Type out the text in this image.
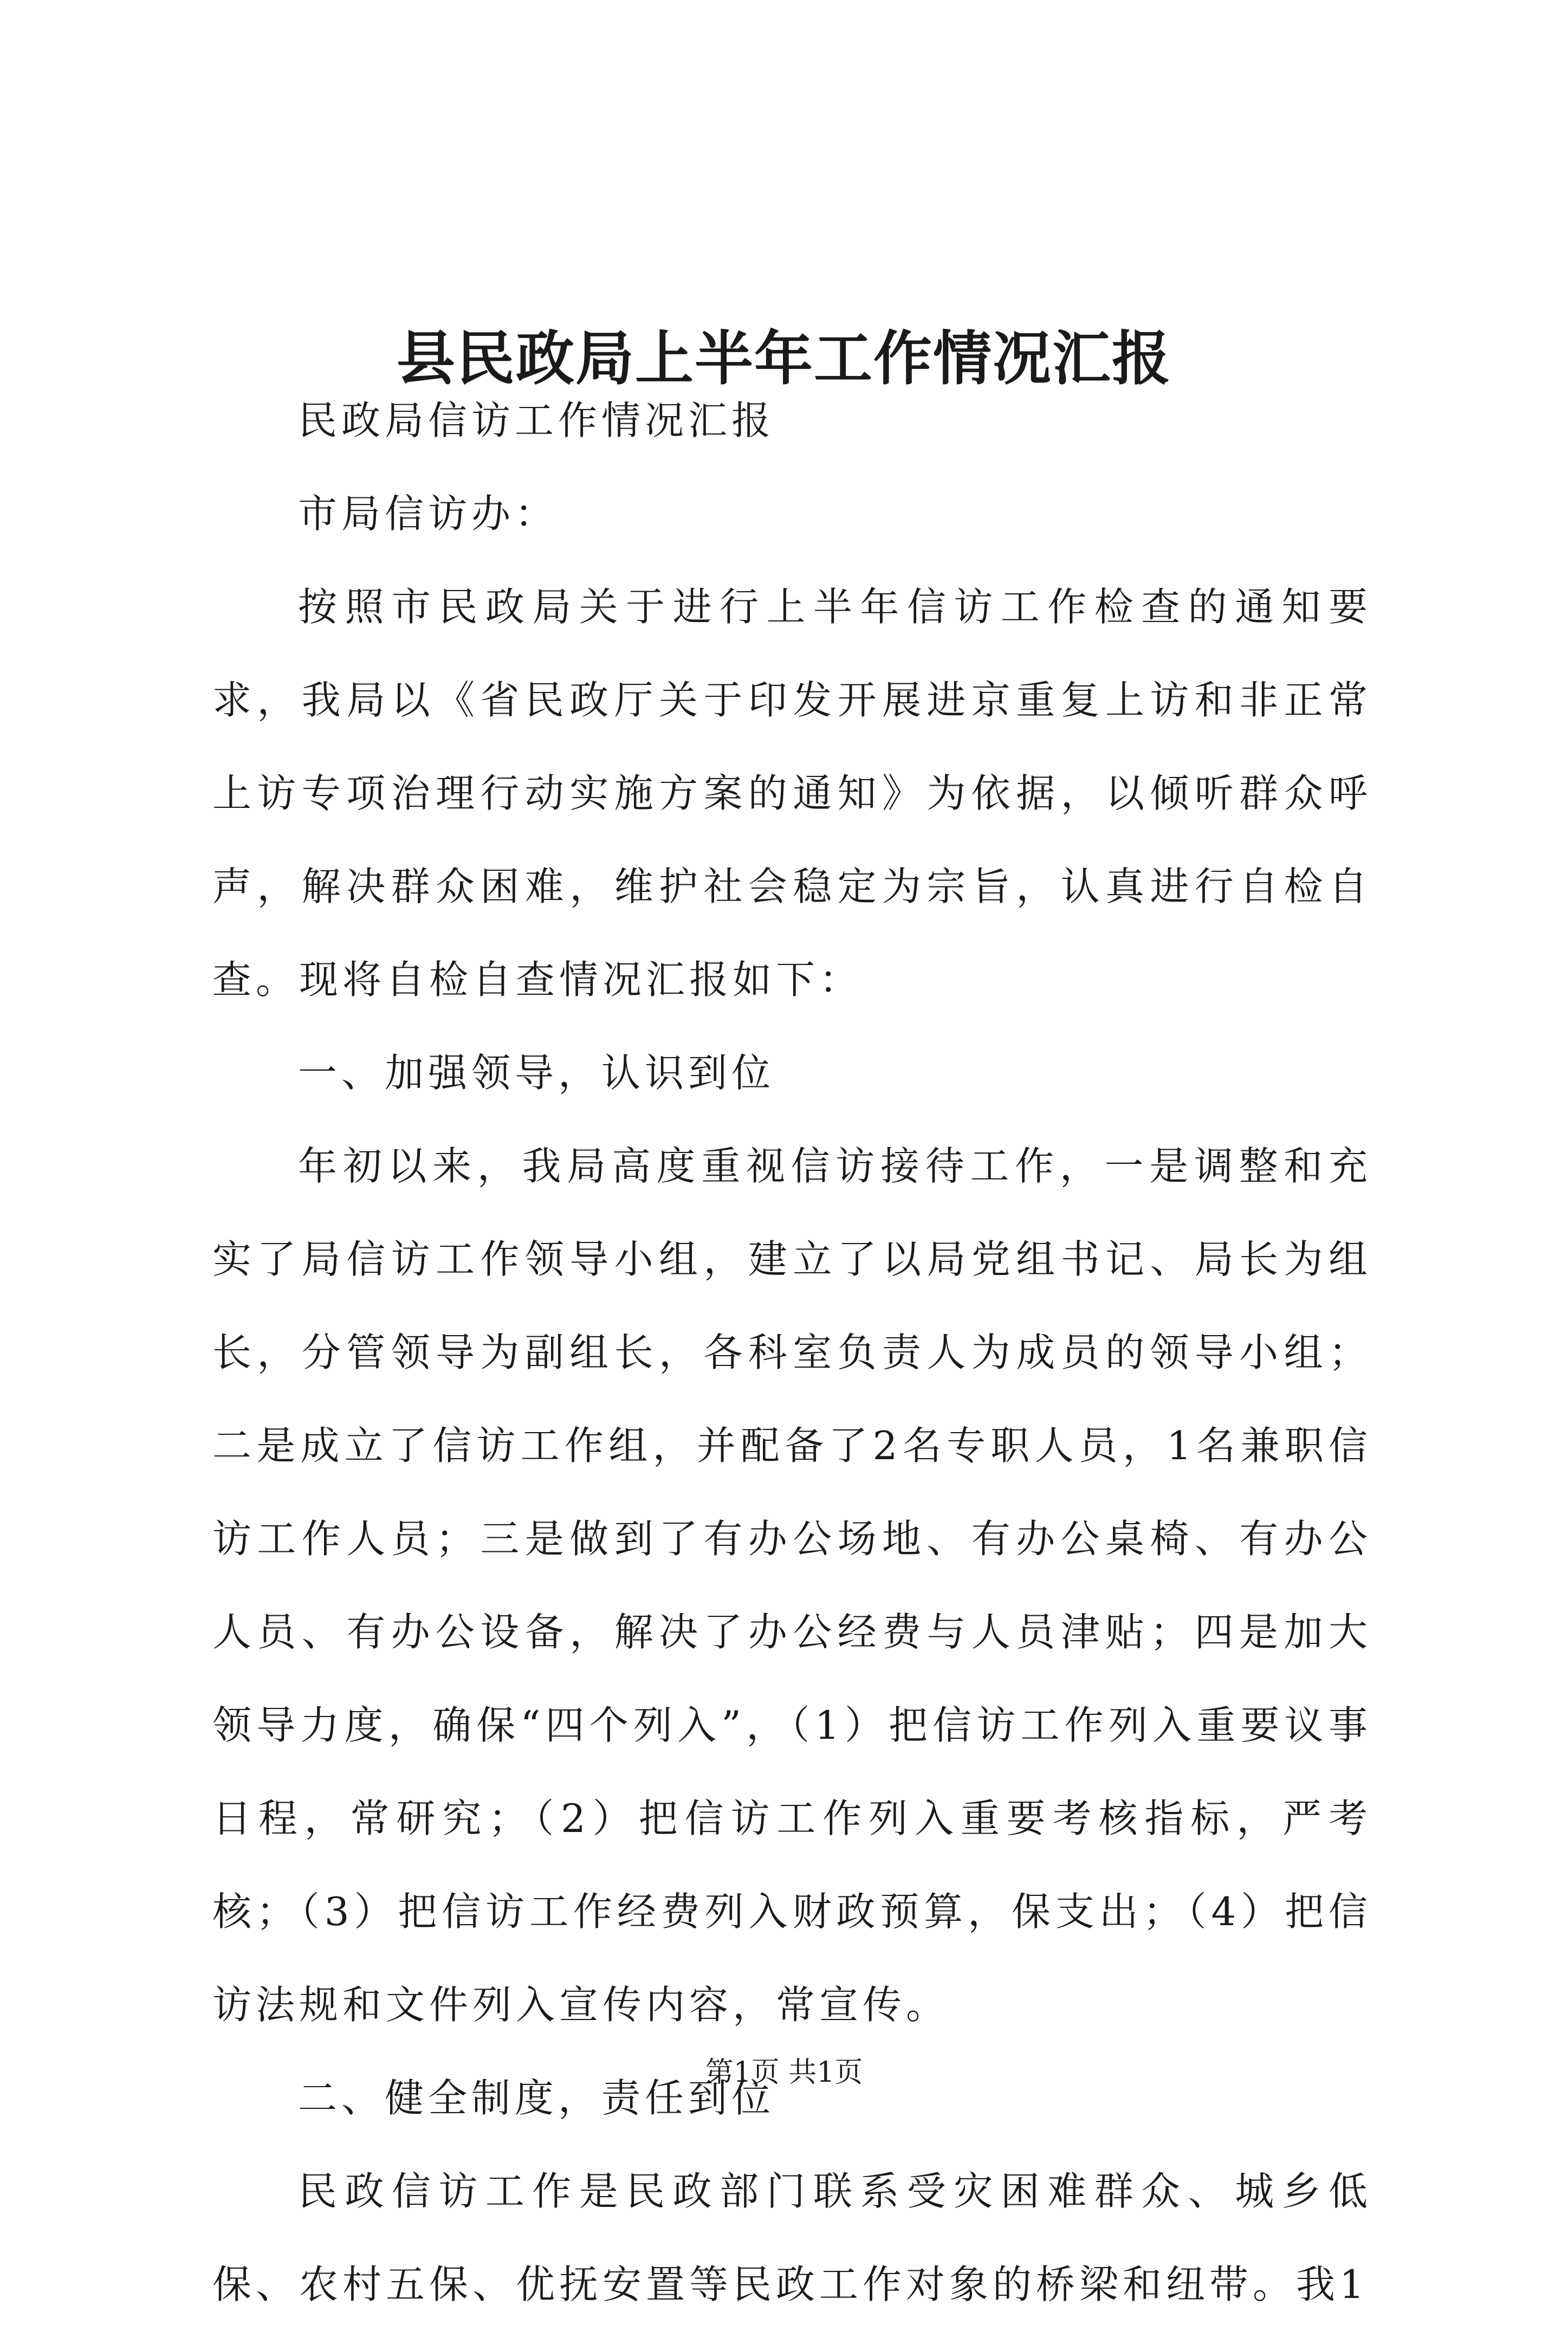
县民政局上半年工作情况汇报

民政局信访工作情况汇报

市局信访办：

按照市民政局关于进行上半年信访工作检查的通知要求，我局以《省民政厅关于印发开展进京重复上访和非正常上访专项治理行动实施方案的通知》为依据，以倾听群众呼声，解决群众困难，维护社会稳定为宗旨，认真进行自检自查。现将自检自查情况汇报如下：

一、加强领导，认识到位

年初以来，我局高度重视信访接待工作，一是调整和充实了局信访工作领导小组，建立了以局党组书记、局长为组长，分管领导为副组长，各科室负责人为成员的领导小组；二是成立了信访工作组，并配备了2名专职人员，1名兼职信访工作人员；三是做到了有办公场地、有办公桌椅、有办公人员、有办公设备，解决了办公经费与人员津贴；四是加大领导力度，确保“四个列入”，（1）把信访工作列入重要议事日程，常研究；（2）把信访工作列入重要考核指标，严考核；（3）把信访工作经费列入财政预算，保支出；（4）把信访法规和文件列入宣传内容，常宣传。

二、健全制度，责任到位

民政信访工作是民政部门联系受灾困难群众、城乡低保、农村五保、优抚安置等民政工作对象的桥梁和纽带。我1

第1页 共1页
